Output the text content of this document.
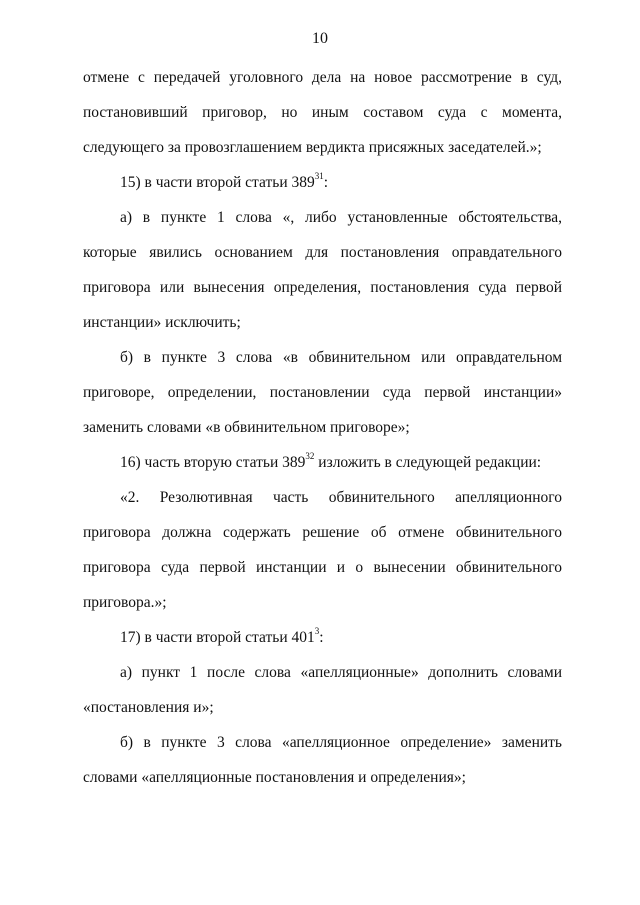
10

отмене с передачей уголовного дела на новое рассмотрение в суд, постановивший приговор, но иным составом суда с момента, следующего за провозглашением вердикта присяжных заседателей.»;

15) в части второй статьи $389^{31}$:

а) в пункте 1 слова «, либо установленные обстоятельства, которые явились основанием для постановления оправдательного приговора или вынесения определения, постановления суда первой инстанции» исключить;

б) в пункте 3 слова «в обвинительном или оправдательном приговоре, определении, постановлении суда первой инстанции» заменить словами «в обвинительном приговоре»;

16) часть вторую статьи $389^{32}$ изложить в следующей редакции:

«2. Резолютивная часть обвинительного апелляционного приговора должна содержать решение об отмене обвинительного приговора суда первой инстанции и о вынесении обвинительного приговора.»;

17) в части второй статьи $401^3$:

а) пункт 1 после слова «апелляционные» дополнить словами «постановления и»;

б) в пункте 3 слова «апелляционное определение» заменить словами «апелляционные постановления и определения»;
